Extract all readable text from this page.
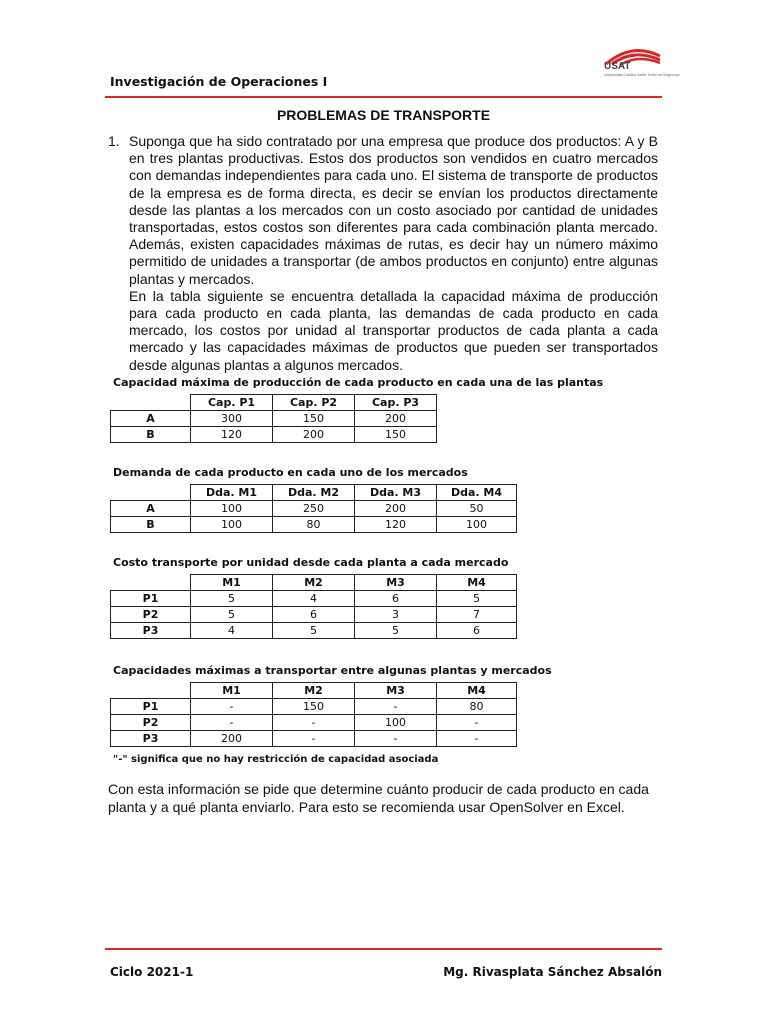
Investigación de Operaciones I
USAT
Universidad Católica Santo Toribio de Mogrovejo
PROBLEMAS DE TRANSPORTE
1. Suponga que ha sido contratado por una empresa que produce dos productos: A y B en tres plantas productivas. Estos dos productos son vendidos en cuatro mercados con demandas independientes para cada uno. El sistema de transporte de productos de la empresa es de forma directa, es decir se envían los productos directamente desde las plantas a los mercados con un costo asociado por cantidad de unidades transportadas, estos costos son diferentes para cada combinación planta mercado. Además, existen capacidades máximas de rutas, es decir hay un número máximo permitido de unidades a transportar (de ambos productos en conjunto) entre algunas plantas y mercados.
En la tabla siguiente se encuentra detallada la capacidad máxima de producción para cada producto en cada planta, las demandas de cada producto en cada mercado, los costos por unidad al transportar productos de cada planta a cada mercado y las capacidades máximas de productos que pueden ser transportados desde algunas plantas a algunos mercados.
Capacidad máxima de producción de cada producto en cada una de las plantas
	Cap. P1	Cap. P2	Cap. P3
A	300	150	200
B	120	200	150
Demanda de cada producto en cada uno de los mercados
	Dda. M1	Dda. M2	Dda. M3	Dda. M4
A	100	250	200	50
B	100	80	120	100
Costo transporte por unidad desde cada planta a cada mercado
	M1	M2	M3	M4
P1	5	4	6	5
P2	5	6	3	7
P3	4	5	5	6
Capacidades máximas a transportar entre algunas plantas y mercados
	M1	M2	M3	M4
P1	-	150	-	80
P2	-	-	100	-
P3	200	-	-	-
"-" significa que no hay restricción de capacidad asociada
Con esta información se pide que determine cuánto producir de cada producto en cada planta y a qué planta enviarlo. Para esto se recomienda usar OpenSolver en Excel.
Ciclo 2021-1	Mg. Rivasplata Sánchez Absalón
